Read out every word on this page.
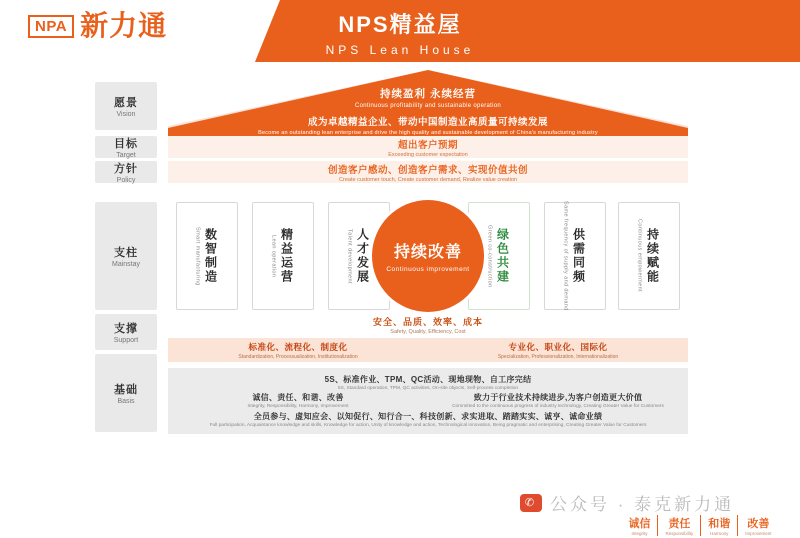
NPA 新力通	NPS精益屋
NPS Lean House
愿景
Vision
目标
Target
方针
Policy
支柱
Mainstay
支撑
Support
基础
Basis
持续盈利 永续经营
Continuous profitability and sustainable operation
成为卓越精益企业、带动中国制造业高质量可持续发展
Become an outstanding lean enterprise and drive the high quality and sustainable development of China's manufacturing industry
超出客户预期
Exceeding customer expectation
创造客户感动、创造客户需求、实现价值共创
Create customer touch, Create customer demand, Realize value creation
数智制造
Smart manufacturing	精益运营
Lean operation	人才发展
Talent development	绿色共建
Green co-construction	供需同频
Same frequency of supply and demand	持续赋能
Continuous empowerment
持续改善
Continuous improvement
安全、品质、效率、成本
Safety, Quality, Efficiency, Cost
标准化、流程化、制度化
Standardization, Processualization, Institutionalization
专业化、职业化、国际化
Specialization, Professionalization, Internationalization
5S、标准作业、TPM、QC活动、现地现物、自工序完结
5S, Standard operation, TPM, QC activities, On-site objects, Self-process completion
诚信、责任、和谐、改善
Integrity, Responsibility, Harmony, Improvement
致力于行业技术持续进步,为客户创造更大价值
Committed to the continuous progress of industry technology, Creating Greater Value for Customers
全员参与、虚知应会、以知促行、知行合一、科技创新、求实进取、踏踏实实、诚亨、诚命业绩
Full participation, Acquaintance knowledge and skills, Knowledge for action, Unity of knowledge and action, Technological innovation, Being pragmatic and enterprising, Creating Greater Value for Customers
✆ 公众号 · 泰克新力通
诚信
Integrity
责任
Responsibility
和谐
Harmony
改善
Improvement
